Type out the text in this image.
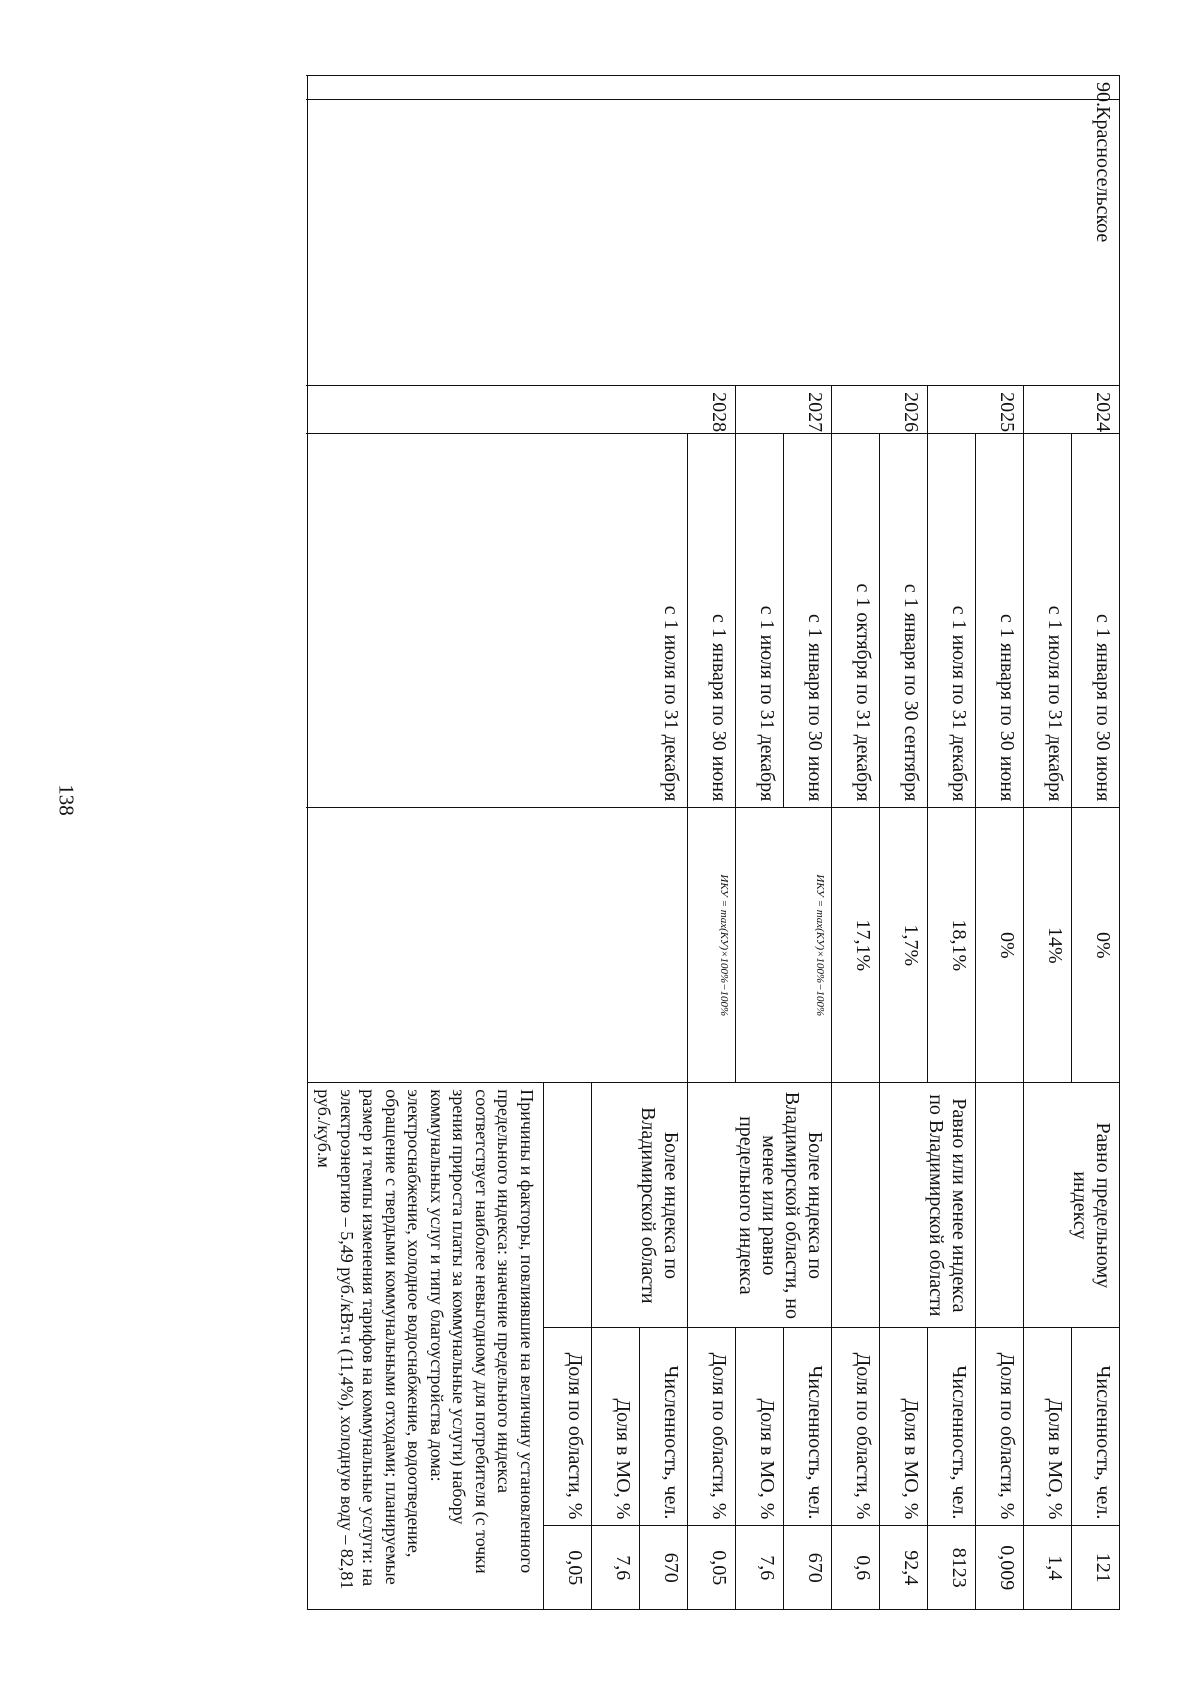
138
90.	Красносельское	2024	с 1 января по 30 июня	0%	Равно предельному индексу	Численность, чел.	121
			с 1 июля по 31 декабря	14%		Доля в МО, %	1,4
		2025	с 1 января по 30 июня	0%		Доля по области, %	0,009
			с 1 июля по 31 декабря	18,1%	Равно или менее индекса по Владимирской области	Численность, чел.	8123
		2026	с 1 января по 30 сентября	1,7%		Доля в МО, %	92,4
			с 1 октября по 31 декабря	17,1%		Доля по области, %	0,6
		2027	с 1 января по 30 июня	ИКУ = max(КУ)×100%−100%	Более индекса по Владимирской области, но менее или равно предельного индекса	Численность, чел.	670
			с 1 июля по 31 декабря			Доля в МО, %	7,6
		2028	с 1 января по 30 июня	ИКУ = max(КУ)×100%−100%		Доля по области, %	0,05
			с 1 июля по 31 декабря		Более индекса по Владимирской области	Численность, чел.	670
						Доля в МО, %	7,6
						Доля по области, %	0,05
					Причины и факторы, повлиявшие на величину установленного предельного индекса: значение предельного индекса соответствует наиболее невыгодному для потребителя (с точки зрения прироста платы за коммунальные услуги) набору коммунальных услуг и типу благоустройства дома: электроснабжение, холодное водоснабжение, водоотведение, обращение с твердыми коммунальными отходами; планируемые размер и темпы изменения тарифов на коммунальные услуги: на электроэнергию – 5,49 руб./кВт.ч (11,4%), холодную воду – 82,81 руб./куб.м		
